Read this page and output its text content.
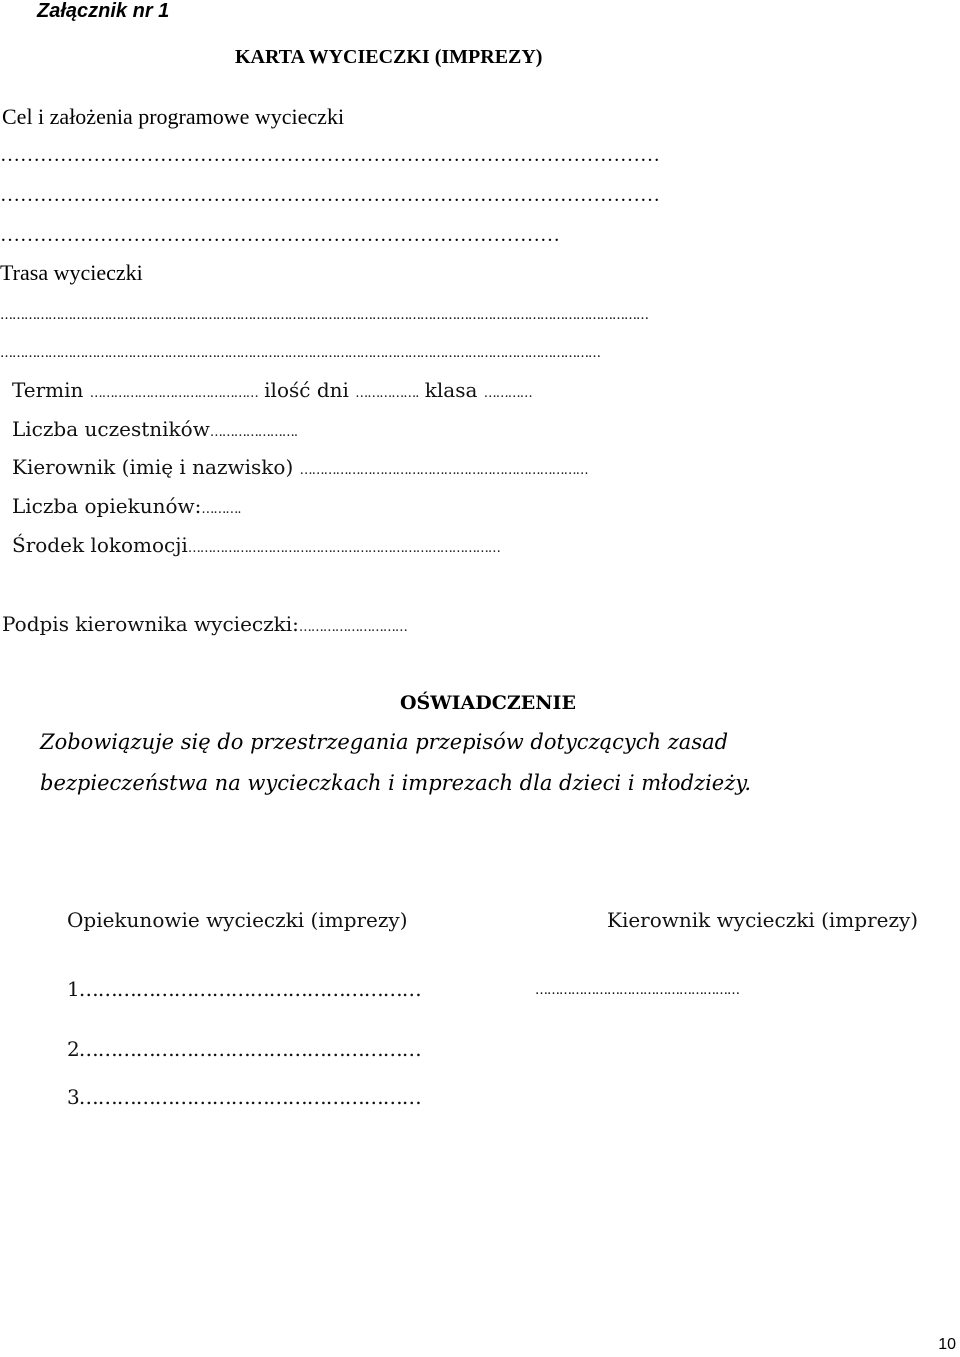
Załącznik nr 1
KARTA WYCIECZKI (IMPREZY)
Cel i założenia programowe wycieczki
………………………………………………………………………………………
………………………………………………………………………………………
…………………………………………………………………………
Trasa wycieczki
………………………………………………………………………………………………………………………………………………
……………………………………………………………………………………………………………………………………
Termin …………………………………… ilość dni ……………. klasa …………
Liczba uczestników………………….
Kierownik (imię i nazwisko) ………………………………………………………………
Liczba opiekunów:……….
Środek lokomocji……………………………………………………………………
Podpis kierownika wycieczki:………………………
OŚWIADCZENIE
Zobowiązuje się do przestrzegania przepisów dotyczących zasad
bezpieczeństwa na wycieczkach i imprezach dla dzieci i młodzieży.
Opiekunowie wycieczki (imprezy)	Kierownik wycieczki (imprezy)
1………………………………………………	……………………………………………
2………………………………………………
3………………………………………………
10
